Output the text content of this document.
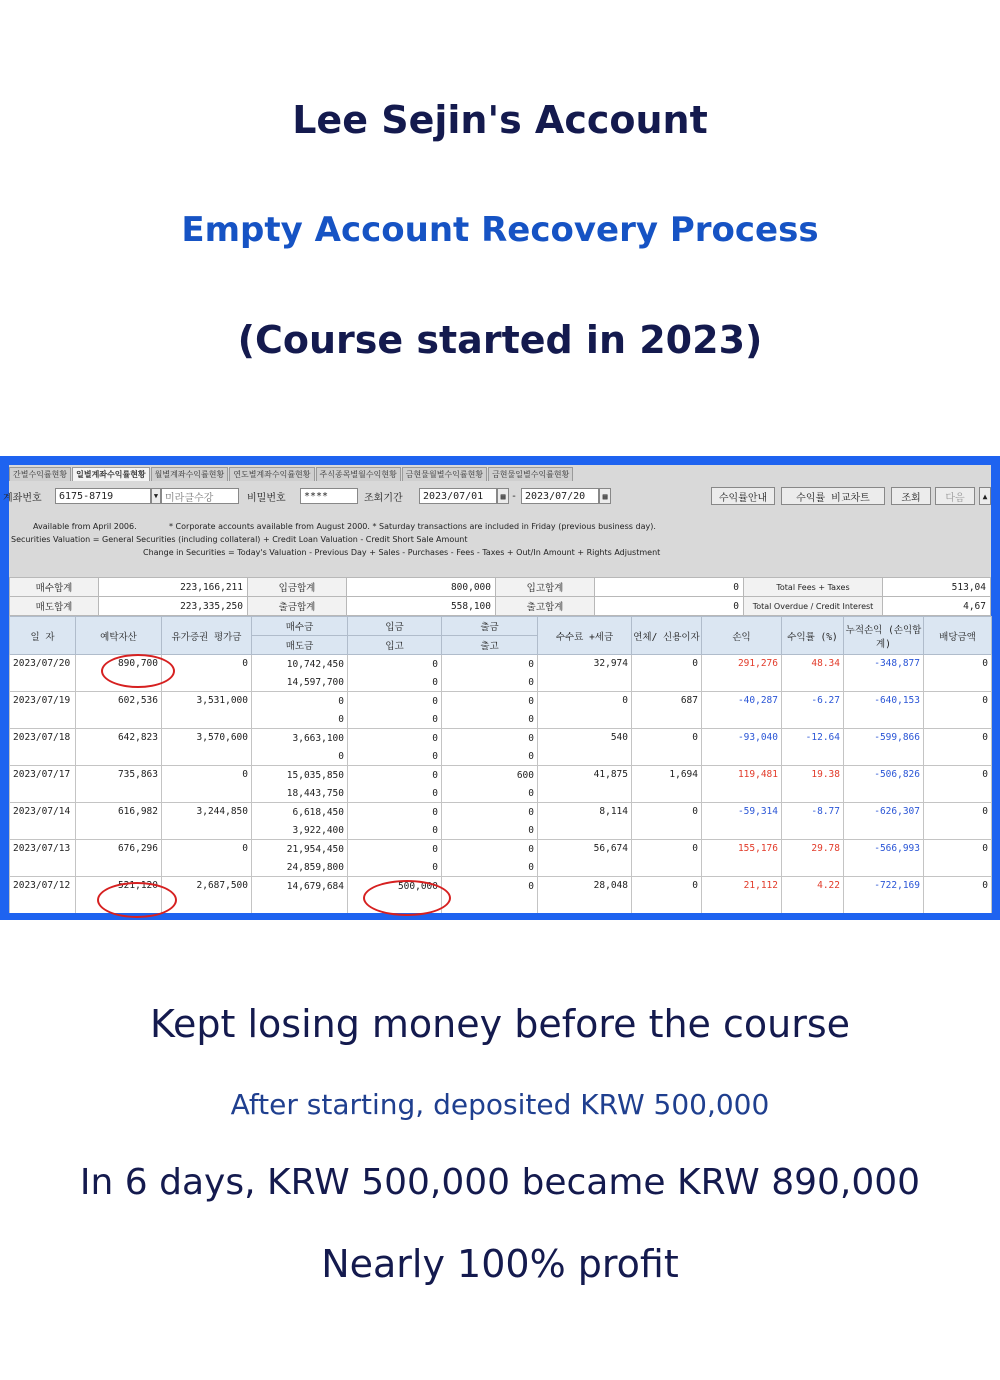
Lee Sejin's Account
Empty Account Recovery Process
(Course started in 2023)
간별수익률현황	일별계좌수익률현황	월별계좌수익률현황	연도별계좌수익률현황	주식종목별월수익현황	금현물월별수익률현황	금현물일별수익률현황
계좌번호	6175-8719	▼ 미라클수강	비밀번호	****	조회기간	2023/07/01	▦ - 2023/07/20	▦	수익률안내	수익률 비교차트	조회	다음	▲
Available from April 2006.	* Corporate accounts available from August 2000. * Saturday transactions are included in Friday (previous business day).
Securities Valuation = General Securities (including collateral) + Credit Loan Valuation - Credit Short Sale Amount
Change in Securities = Today's Valuation - Previous Day + Sales - Purchases - Fees - Taxes + Out/In Amount + Rights Adjustment
매수합계	223,166,211	입금합계	800,000	입고합계	0	Total Fees + Taxes	513,04
매도합계	223,335,250	출금합계	558,100	출고합계	0	Total Overdue / Credit Interest	4,67
일 자	예탁자산	유가증권 평가금	매수금	입금	출금	수수료 +세금	연체/ 신용이자	손익	수익률 (%)	누적손익 (손익합계)	배당금액
			매도금	입고	출고						
2023/07/20	890,700	0	10,742,450	0	0	32,974	0	291,276	48.34	-348,877	0
			14,597,700	0	0						
2023/07/19	602,536	3,531,000	0	0	0	0	687	-40,287	-6.27	-640,153	0
			0	0	0						
2023/07/18	642,823	3,570,600	3,663,100	0	0	540	0	-93,040	-12.64	-599,866	0
			0	0	0						
2023/07/17	735,863	0	15,035,850	0	600	41,875	1,694	119,481	19.38	-506,826	0
			18,443,750	0	0						
2023/07/14	616,982	3,244,850	6,618,450	0	0	8,114	0	-59,314	-8.77	-626,307	0
			3,922,400	0	0						
2023/07/13	676,296	0	21,954,450	0	0	56,674	0	155,176	29.78	-566,993	0
			24,859,800	0	0						
2023/07/12	521,120	2,687,500	14,679,684	500,000	0	28,048	0	21,112	4.22	-722,169	0

Kept losing money before the course
After starting, deposited KRW 500,000
In 6 days, KRW 500,000 became KRW 890,000
Nearly 100% profit
